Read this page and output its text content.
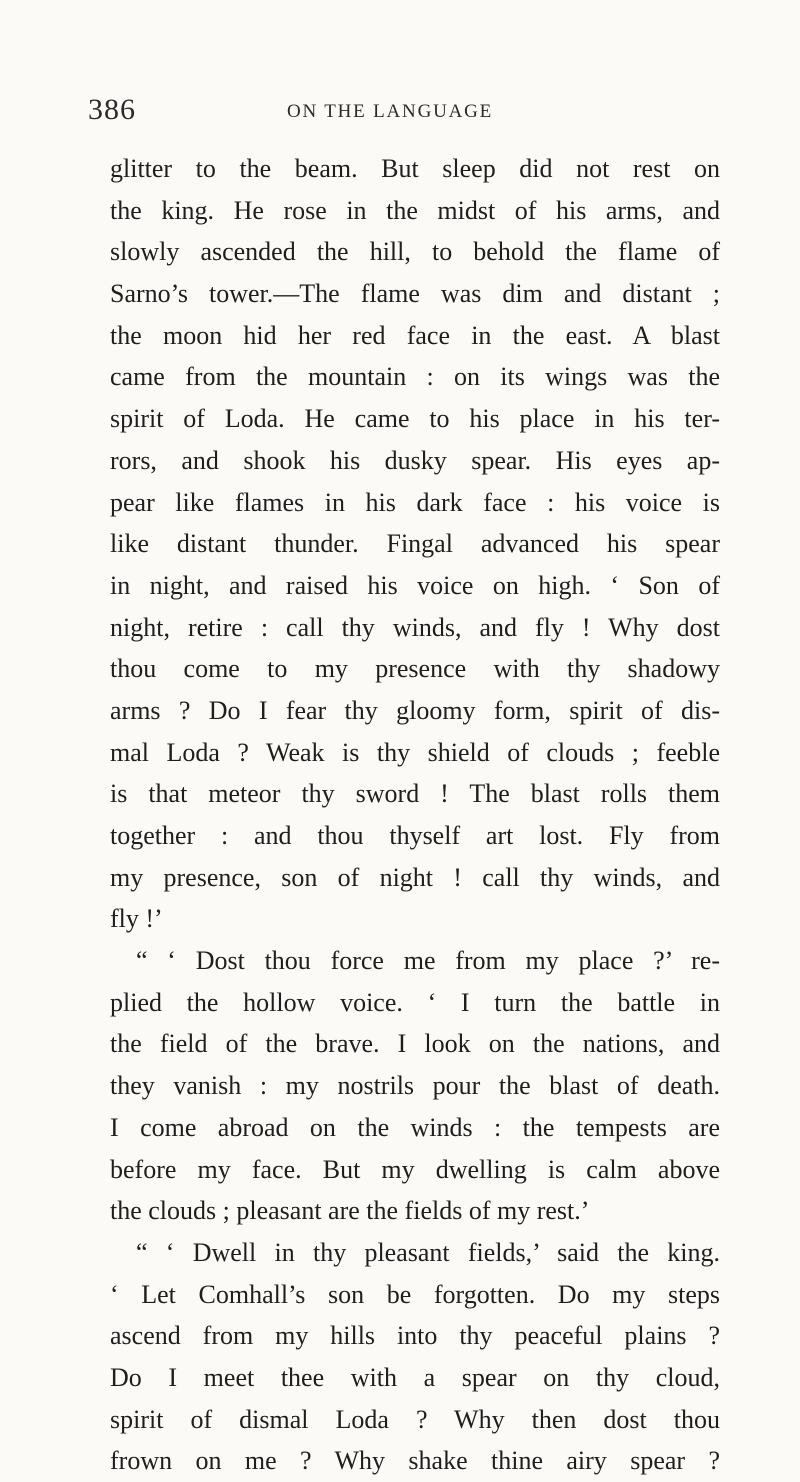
386	ON THE LANGUAGE
glitter to the beam. But sleep did not rest on
the king. He rose in the midst of his arms, and
slowly ascended the hill, to behold the flame of
Sarno’s tower.—The flame was dim and distant ;
the moon hid her red face in the east. A blast
came from the mountain : on its wings was the
spirit of Loda. He came to his place in his ter-
rors, and shook his dusky spear. His eyes ap-
pear like flames in his dark face : his voice is
like distant thunder. Fingal advanced his spear
in night, and raised his voice on high. ‘ Son of
night, retire : call thy winds, and fly ! Why dost
thou come to my presence with thy shadowy
arms ? Do I fear thy gloomy form, spirit of dis-
mal Loda ? Weak is thy shield of clouds ; feeble
is that meteor thy sword ! The blast rolls them
together : and thou thyself art lost. Fly from
my presence, son of night ! call thy winds, and
fly !’
“ ‘ Dost thou force me from my place ?’ re-
plied the hollow voice. ‘ I turn the battle in
the field of the brave. I look on the nations, and
they vanish : my nostrils pour the blast of death.
I come abroad on the winds : the tempests are
before my face. But my dwelling is calm above
the clouds ; pleasant are the fields of my rest.’
“ ‘ Dwell in thy pleasant fields,’ said the king.
‘ Let Comhall’s son be forgotten. Do my steps
ascend from my hills into thy peaceful plains ?
Do I meet thee with a spear on thy cloud,
spirit of dismal Loda ? Why then dost thou
frown on me ? Why shake thine airy spear ?
